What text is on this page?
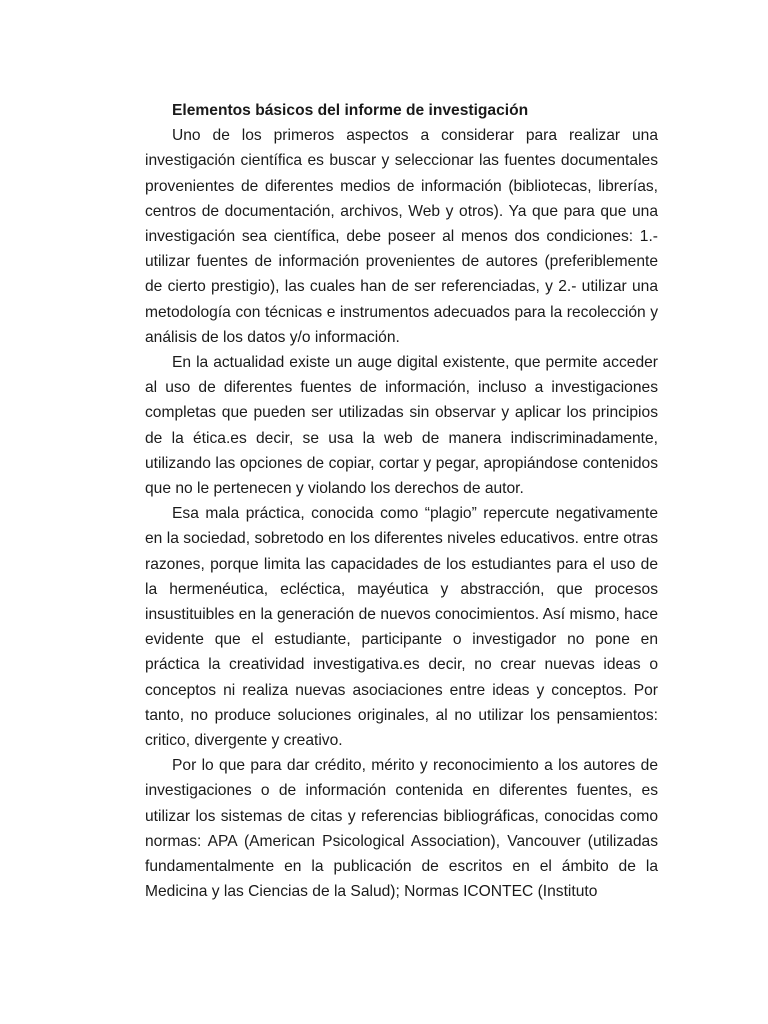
Elementos básicos del informe de investigación

Uno de los primeros aspectos a considerar para realizar una investigación científica es buscar y seleccionar las fuentes documentales provenientes de diferentes medios de información (bibliotecas, librerías, centros de documentación, archivos, Web y otros). Ya que para que una investigación sea científica, debe poseer al menos dos condiciones: 1.- utilizar fuentes de información provenientes de autores (preferiblemente de cierto prestigio), las cuales han de ser referenciadas, y 2.- utilizar una metodología con técnicas e instrumentos adecuados para la recolección y análisis de los datos y/o información.

En la actualidad existe un auge digital existente, que permite acceder al uso de diferentes fuentes de información, incluso a investigaciones completas que pueden ser utilizadas sin observar y aplicar los principios de la ética.es decir, se usa la web de manera indiscriminadamente, utilizando las opciones de copiar, cortar y pegar, apropiándose contenidos que no le pertenecen y violando los derechos de autor.

Esa mala práctica, conocida como “plagio” repercute negativamente en la sociedad, sobretodo en los diferentes niveles educativos. entre otras razones, porque limita las capacidades de los estudiantes para el uso de la hermenéutica, ecléctica, mayéutica y abstracción, que procesos insustituibles en la generación de nuevos conocimientos. Así mismo, hace evidente que el estudiante, participante o investigador no pone en práctica la creatividad investigativa.es decir, no crear nuevas ideas o conceptos ni realiza nuevas asociaciones entre ideas y conceptos. Por tanto, no produce soluciones originales, al no utilizar los pensamientos: critico, divergente y creativo.

Por lo que para dar crédito, mérito y reconocimiento a los autores de investigaciones o de información contenida en diferentes fuentes, es utilizar los sistemas de citas y referencias bibliográficas, conocidas como normas: APA (American Psicological Association), Vancouver (utilizadas fundamentalmente en la publicación de escritos en el ámbito de la Medicina y las Ciencias de la Salud); Normas ICONTEC (Instituto
